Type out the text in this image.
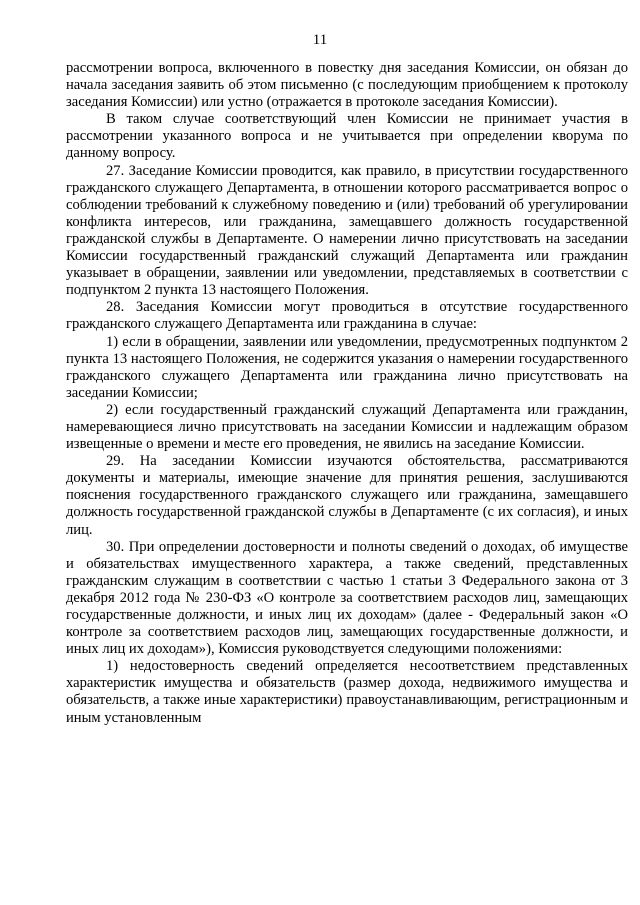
11

рассмотрении вопроса, включенного в повестку дня заседания Комиссии, он обязан до начала заседания заявить об этом письменно (с последующим приобщением к протоколу заседания Комиссии) или устно (отражается в протоколе заседания Комиссии).

В таком случае соответствующий член Комиссии не принимает участия в рассмотрении указанного вопроса и не учитывается при определении кворума по данному вопросу.

27. Заседание Комиссии проводится, как правило, в присутствии государственного гражданского служащего Департамента, в отношении которого рассматривается вопрос о соблюдении требований к служебному поведению и (или) требований об урегулировании конфликта интересов, или гражданина, замещавшего должность государственной гражданской службы в Департаменте. О намерении лично присутствовать на заседании Комиссии государственный гражданский служащий Департамента или гражданин указывает в обращении, заявлении или уведомлении, представляемых в соответствии с подпунктом 2 пункта 13 настоящего Положения.

28. Заседания Комиссии могут проводиться в отсутствие государственного гражданского служащего Департамента или гражданина в случае:

1) если в обращении, заявлении или уведомлении, предусмотренных подпунктом 2 пункта 13 настоящего Положения, не содержится указания о намерении государственного гражданского служащего Департамента или гражданина лично присутствовать на заседании Комиссии;

2) если государственный гражданский служащий Департамента или гражданин, намеревающиеся лично присутствовать на заседании Комиссии и надлежащим образом извещенные о времени и месте его проведения, не явились на заседание Комиссии.

29. На заседании Комиссии изучаются обстоятельства, рассматриваются документы и материалы, имеющие значение для принятия решения, заслушиваются пояснения государственного гражданского служащего или гражданина, замещавшего должность государственной гражданской службы в Департаменте (с их согласия), и иных лиц.

30. При определении достоверности и полноты сведений о доходах, об имуществе и обязательствах имущественного характера, а также сведений, представленных гражданским служащим в соответствии с частью 1 статьи 3 Федерального закона от 3 декабря 2012 года № 230-ФЗ «О контроле за соответствием расходов лиц, замещающих государственные должности, и иных лиц их доходам» (далее - Федеральный закон «О контроле за соответствием расходов лиц, замещающих государственные должности, и иных лиц их доходам»), Комиссия руководствуется следующими положениями:

1) недостоверность сведений определяется несоответствием представленных характеристик имущества и обязательств (размер дохода, недвижимого имущества и обязательств, а также иные характеристики) правоустанавливающим, регистрационным и иным установленным
